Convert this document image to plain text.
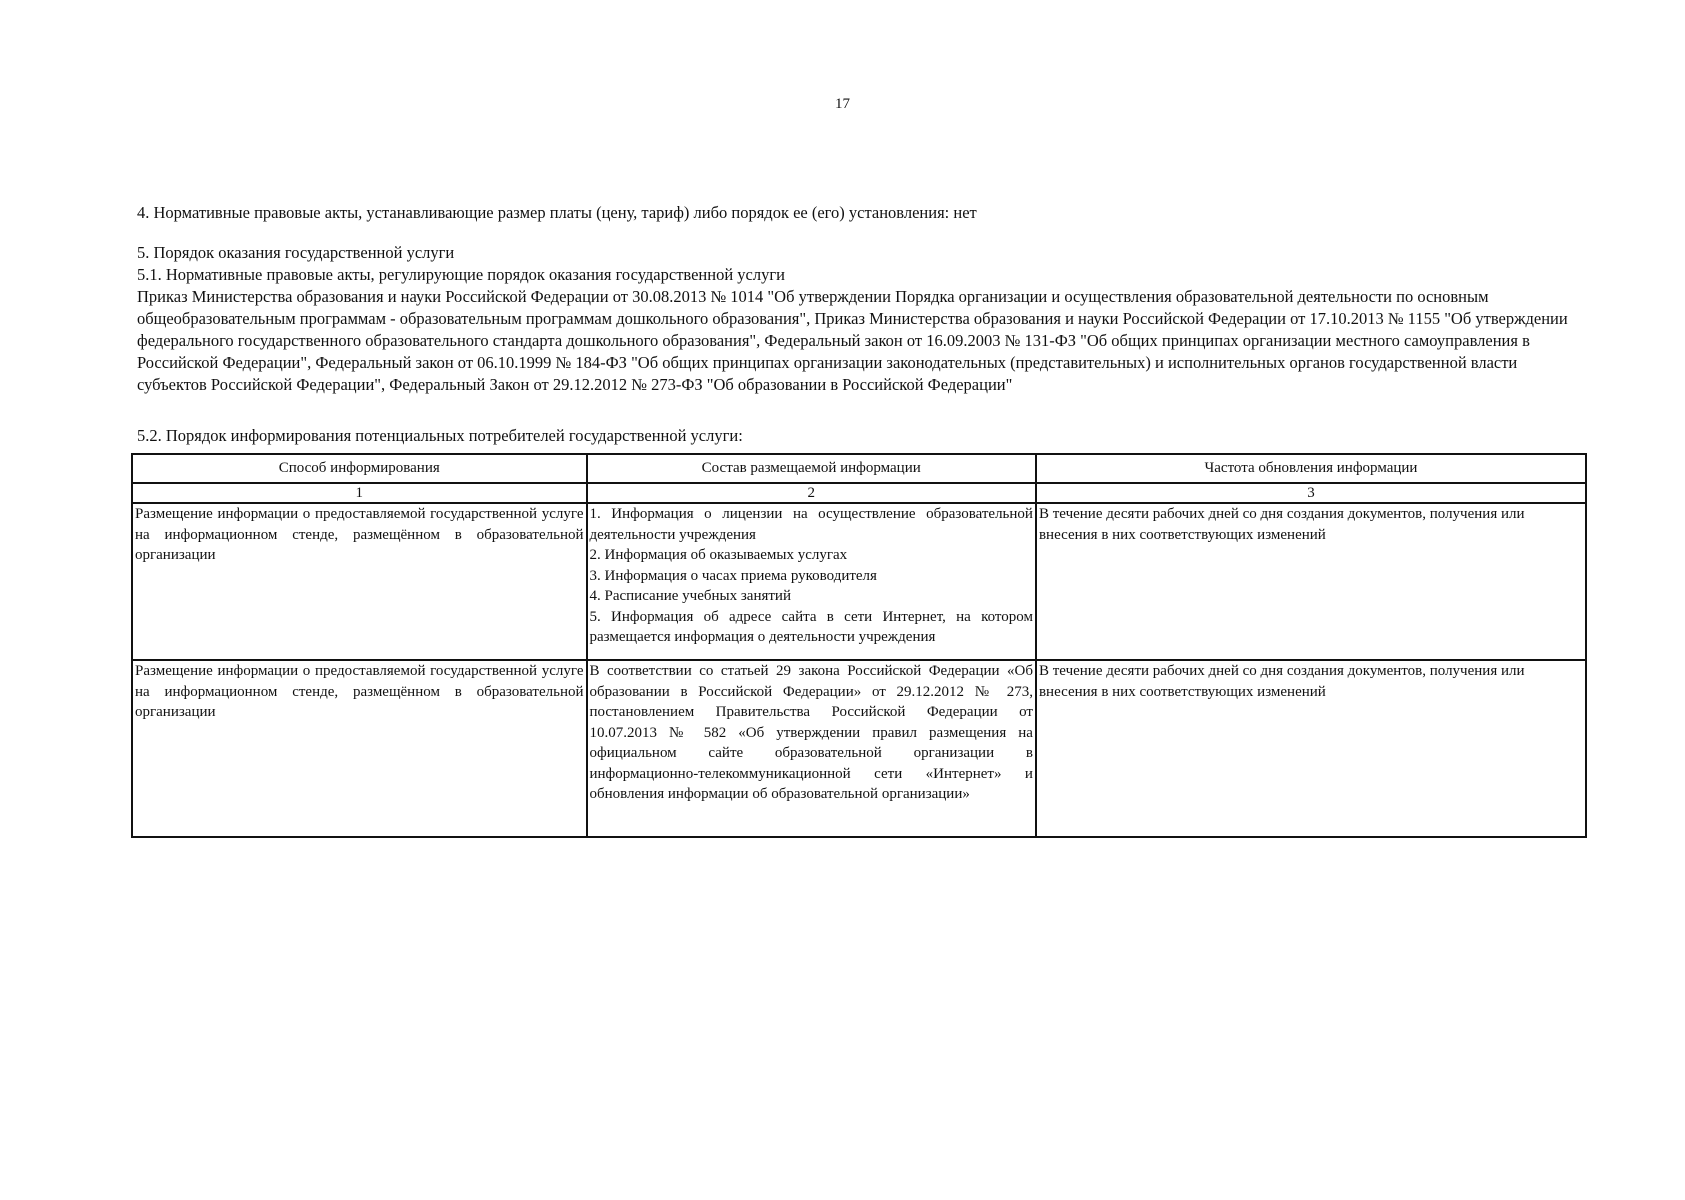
17
4. Нормативные правовые акты, устанавливающие размер платы (цену, тариф) либо порядок ее (его) установления: нет
5. Порядок оказания государственной услуги
5.1. Нормативные правовые акты, регулирующие порядок оказания государственной услуги
Приказ Министерства образования и науки Российской Федерации от 30.08.2013 № 1014 "Об утверждении Порядка организации и осуществления образовательной деятельности по основным общеобразовательным программам - образовательным программам дошкольного образования", Приказ Министерства образования и науки Российской Федерации от 17.10.2013 № 1155 "Об утверждении федерального государственного образовательного стандарта дошкольного образования", Федеральный закон от 16.09.2003 № 131-ФЗ "Об общих принципах организации местного самоуправления в Российской Федерации", Федеральный закон от 06.10.1999 № 184-ФЗ "Об общих принципах организации законодательных (представительных) и исполнительных органов государственной власти субъектов Российской Федерации", Федеральный Закон от 29.12.2012 № 273-ФЗ "Об образовании в Российской Федерации"
5.2. Порядок информирования потенциальных потребителей государственной услуги:
Способ информирования	Состав размещаемой информации	Частота обновления информации
1	2	3
Размещение информации о предоставляемой государственной услуге на информационном стенде, размещённом в образовательной организации	1. Информация о лицензии на осуществление образовательной деятельности учреждения
2. Информация об оказываемых услугах
3. Информация о часах приема руководителя
4. Расписание учебных занятий
5. Информация об адресе сайта в сети Интернет, на котором размещается информация о деятельности учреждения	В течение десяти рабочих дней со дня создания документов, получения или внесения в них соответствующих изменений
Размещение информации о предоставляемой государственной услуге на информационном стенде, размещённом в образовательной организации	В соответствии со статьей 29 закона Российской Федерации «Об образовании в Российской Федерации» от 29.12.2012 № 273, постановлением Правительства Российской Федерации от 10.07.2013 № 582 «Об утверждении правил размещения на официальном сайте образовательной организации в информационно-телекоммуникационной сети «Интернет» и обновления информации об образовательной организации»	В течение десяти рабочих дней со дня создания документов, получения или внесения в них соответствующих изменений
